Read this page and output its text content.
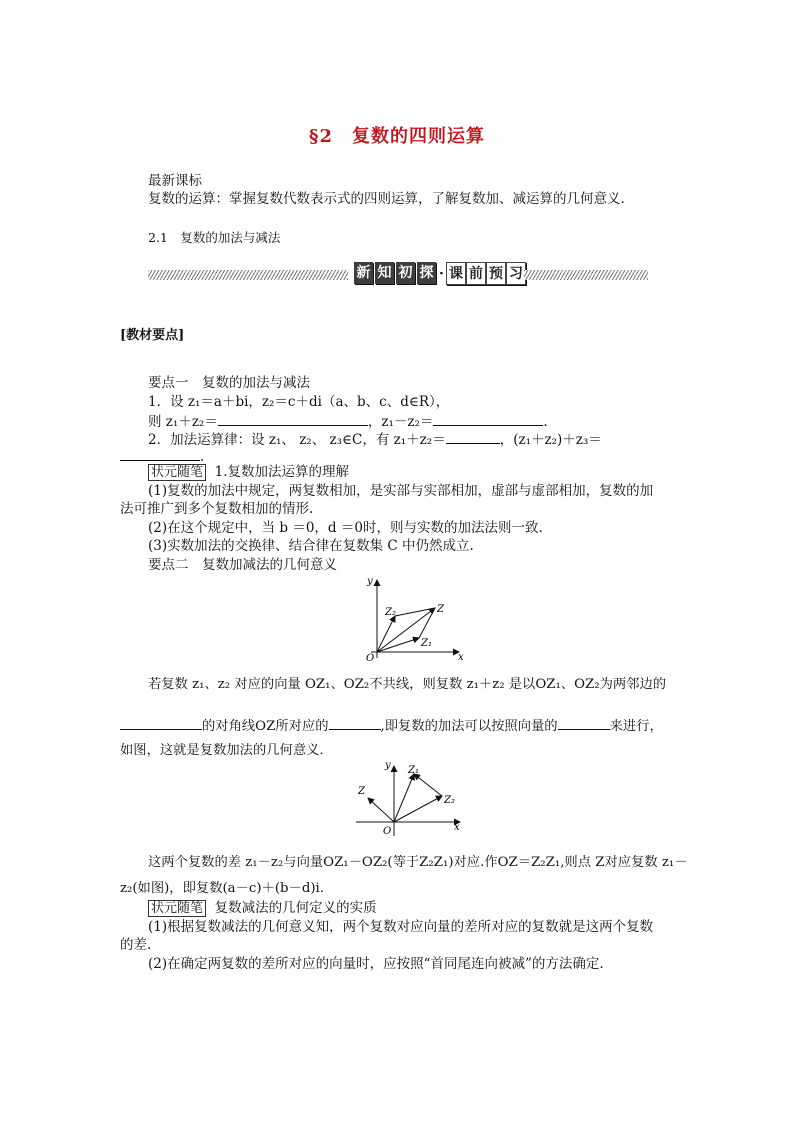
§2　复数的四则运算
最新课标
复数的运算：掌握复数代数表示式的四则运算，了解复数加、减运算的几何意义.
2.1　复数的加法与减法
新 知 初 探 · 课 前 预 习
[教材要点]
要点一　复数的加法与减法
1．设 z₁＝a＋bi，z₂＝c＋di（a、b、c、d∈R），
则 z₁＋z₂＝	，z₁－z₂＝	.
2．加法运算律：设 z₁、 z₂、 z₃∈C，有 z₁＋z₂＝	，(z₁＋z₂)＋z₃＝
.
状元随笔 1.复数加法运算的理解
(1)复数的加法中规定，两复数相加，是实部与实部相加，虚部与虚部相加，复数的加
法可推广到多个复数相加的情形.
(2)在这个规定中，当 b ＝0，d ＝0时，则与实数的加法法则一致.
(3)实数加法的交换律、结合律在复数集 C 中仍然成立.
要点二　复数加减法的几何意义
y
x
O
Z₂	Z
Z₁
若复数 z₁、z₂ 对应的向量 OZ₁、OZ₂不共线，则复数 z₁＋z₂ 是以OZ₁、OZ₂为两邻边的
的对角线OZ所对应的	,即复数的加法可以按照向量的	来进行，
如图，这就是复数加法的几何意义．
y
x
O
Z
Z₁
Z₂
这两个复数的差 z₁－z₂与向量OZ₁－OZ₂(等于Z₂Z₁)对应.作OZ＝Z₂Z₁,则点 Z对应复数 z₁－
z₂(如图)，即复数(a－c)＋(b－d)i.
状元随笔 复数减法的几何定义的实质
(1)根据复数减法的几何意义知，两个复数对应向量的差所对应的复数就是这两个复数
的差.
(2)在确定两复数的差所对应的向量时，应按照“首同尾连向被减”的方法确定.
